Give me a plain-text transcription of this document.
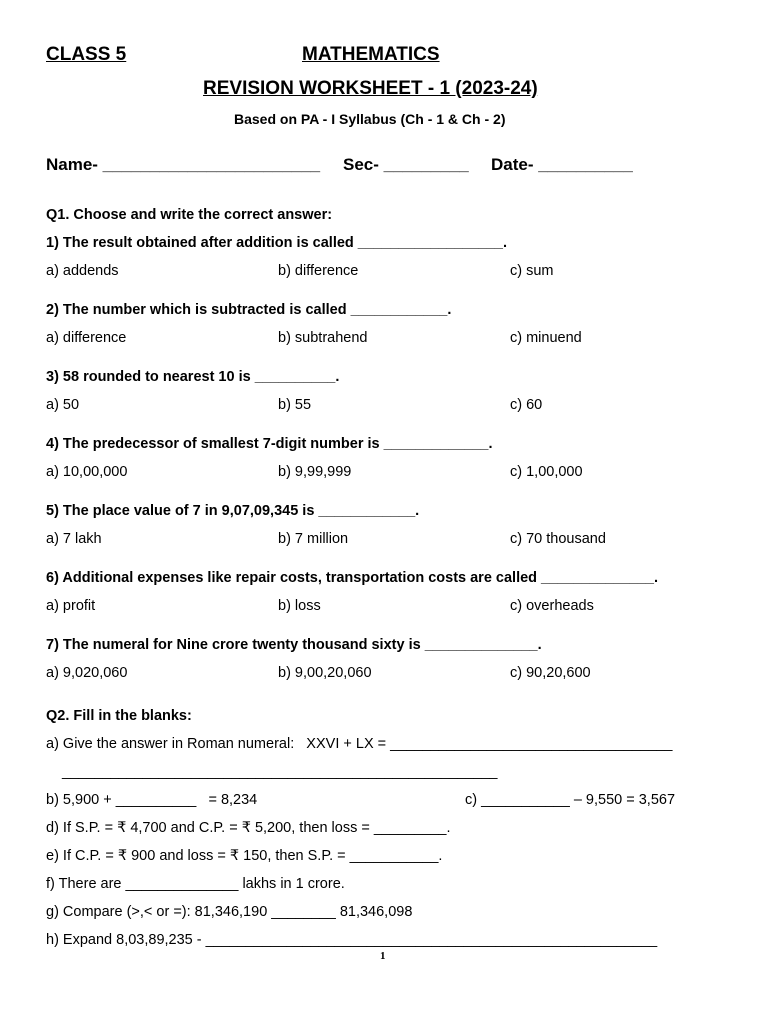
CLASS 5	MATHEMATICS
REVISION WORKSHEET - 1 (2023-24)
Based on PA - I Syllabus (Ch - 1 & Ch - 2)
Name- _______________________ Sec- _________ Date- __________
Q1. Choose and write the correct answer:
1) The result obtained after addition is called __________________.
a) addends	b) difference	c) sum
2) The number which is subtracted is called ____________.
a) difference	b) subtrahend	c) minuend
3) 58 rounded to nearest 10 is __________.
a) 50	b) 55	c) 60
4) The predecessor of smallest 7-digit number is _____________.
a) 10,00,000	b) 9,99,999	c) 1,00,000
5) The place value of 7 in 9,07,09,345 is ____________.
a) 7 lakh	b) 7 million	c) 70 thousand
6) Additional expenses like repair costs, transportation costs are called ______________.
a) profit	b) loss	c) overheads
7) The numeral for Nine crore twenty thousand sixty is ______________.
a) 9,020,060	b) 9,00,20,060	c) 90,20,600
Q2. Fill in the blanks:
a) Give the answer in Roman numeral:   XXVI + LX = ___________________________________
______________________________________________________
b) 5,900 + __________   = 8,234	c) ___________ – 9,550 = 3,567
d) If S.P. = ₹ 4,700 and C.P. = ₹ 5,200, then loss = _________.
e) If C.P. = ₹ 900 and loss = ₹ 150, then S.P. = ___________.
f) There are ______________ lakhs in 1 crore.
g) Compare (>,< or =): 81,346,190 ________ 81,346,098
h) Expand 8,03,89,235 - ________________________________________________________
1
